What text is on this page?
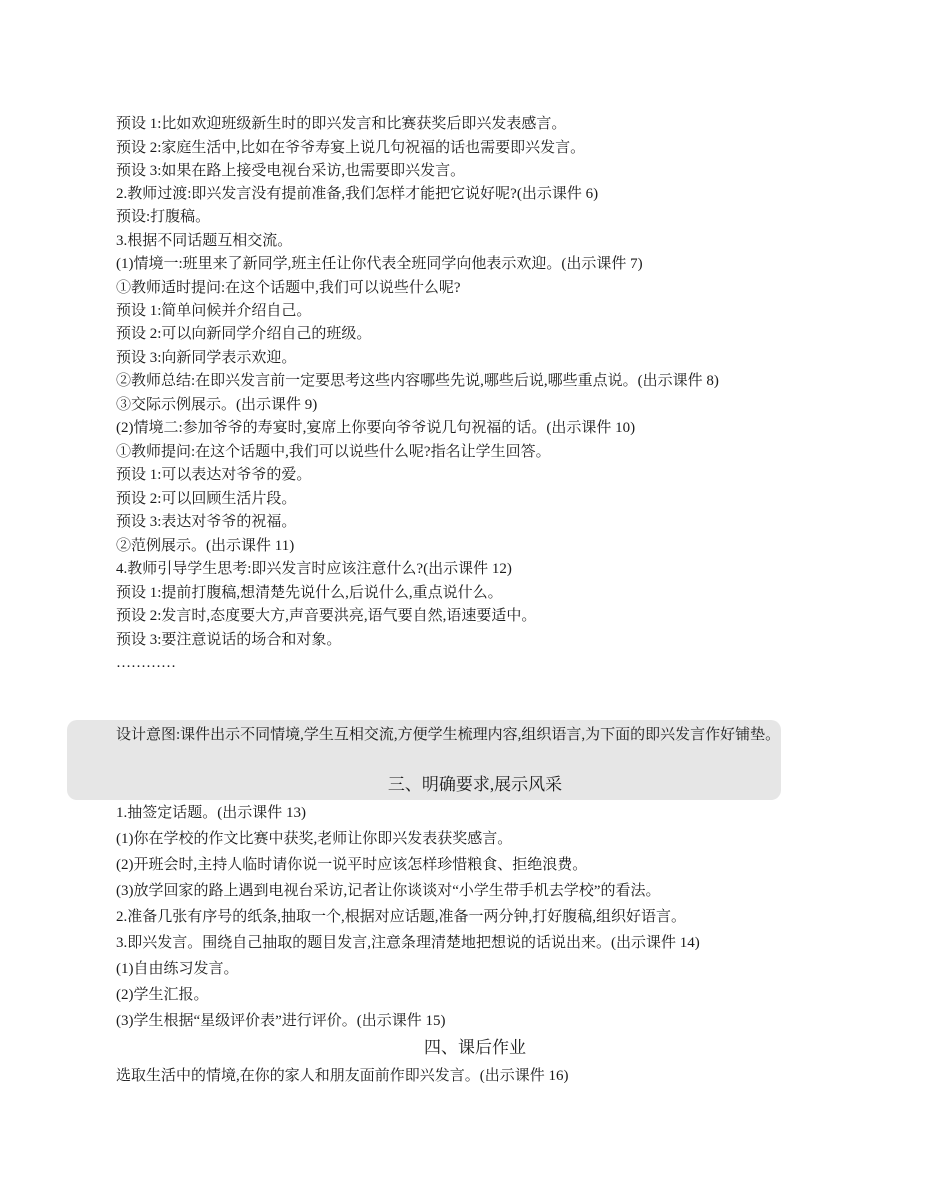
预设 1:比如欢迎班级新生时的即兴发言和比赛获奖后即兴发表感言。
预设 2:家庭生活中,比如在爷爷寿宴上说几句祝福的话也需要即兴发言。
预设 3:如果在路上接受电视台采访,也需要即兴发言。
2.教师过渡:即兴发言没有提前准备,我们怎样才能把它说好呢?(出示课件 6)
预设:打腹稿。
3.根据不同话题互相交流。
(1)情境一:班里来了新同学,班主任让你代表全班同学向他表示欢迎。(出示课件 7)
①教师适时提问:在这个话题中,我们可以说些什么呢?
预设 1:简单问候并介绍自己。
预设 2:可以向新同学介绍自己的班级。
预设 3:向新同学表示欢迎。
②教师总结:在即兴发言前一定要思考这些内容哪些先说,哪些后说,哪些重点说。(出示课件 8)
③交际示例展示。(出示课件 9)
(2)情境二:参加爷爷的寿宴时,宴席上你要向爷爷说几句祝福的话。(出示课件 10)
①教师提问:在这个话题中,我们可以说些什么呢?指名让学生回答。
预设 1:可以表达对爷爷的爱。
预设 2:可以回顾生活片段。
预设 3:表达对爷爷的祝福。
②范例展示。(出示课件 11)
4.教师引导学生思考:即兴发言时应该注意什么?(出示课件 12)
预设 1:提前打腹稿,想清楚先说什么,后说什么,重点说什么。
预设 2:发言时,态度要大方,声音要洪亮,语气要自然,语速要适中。
预设 3:要注意说话的场合和对象。
…………
设计意图:课件出示不同情境,学生互相交流,方便学生梳理内容,组织语言,为下面的即兴发言作好铺垫。
三、明确要求,展示风采
1.抽签定话题。(出示课件 13)
(1)你在学校的作文比赛中获奖,老师让你即兴发表获奖感言。
(2)开班会时,主持人临时请你说一说平时应该怎样珍惜粮食、拒绝浪费。
(3)放学回家的路上遇到电视台采访,记者让你谈谈对“小学生带手机去学校”的看法。
2.准备几张有序号的纸条,抽取一个,根据对应话题,准备一两分钟,打好腹稿,组织好语言。
3.即兴发言。围绕自己抽取的题目发言,注意条理清楚地把想说的话说出来。(出示课件 14)
(1)自由练习发言。
(2)学生汇报。
(3)学生根据“星级评价表”进行评价。(出示课件 15)
四、课后作业
选取生活中的情境,在你的家人和朋友面前作即兴发言。(出示课件 16)
